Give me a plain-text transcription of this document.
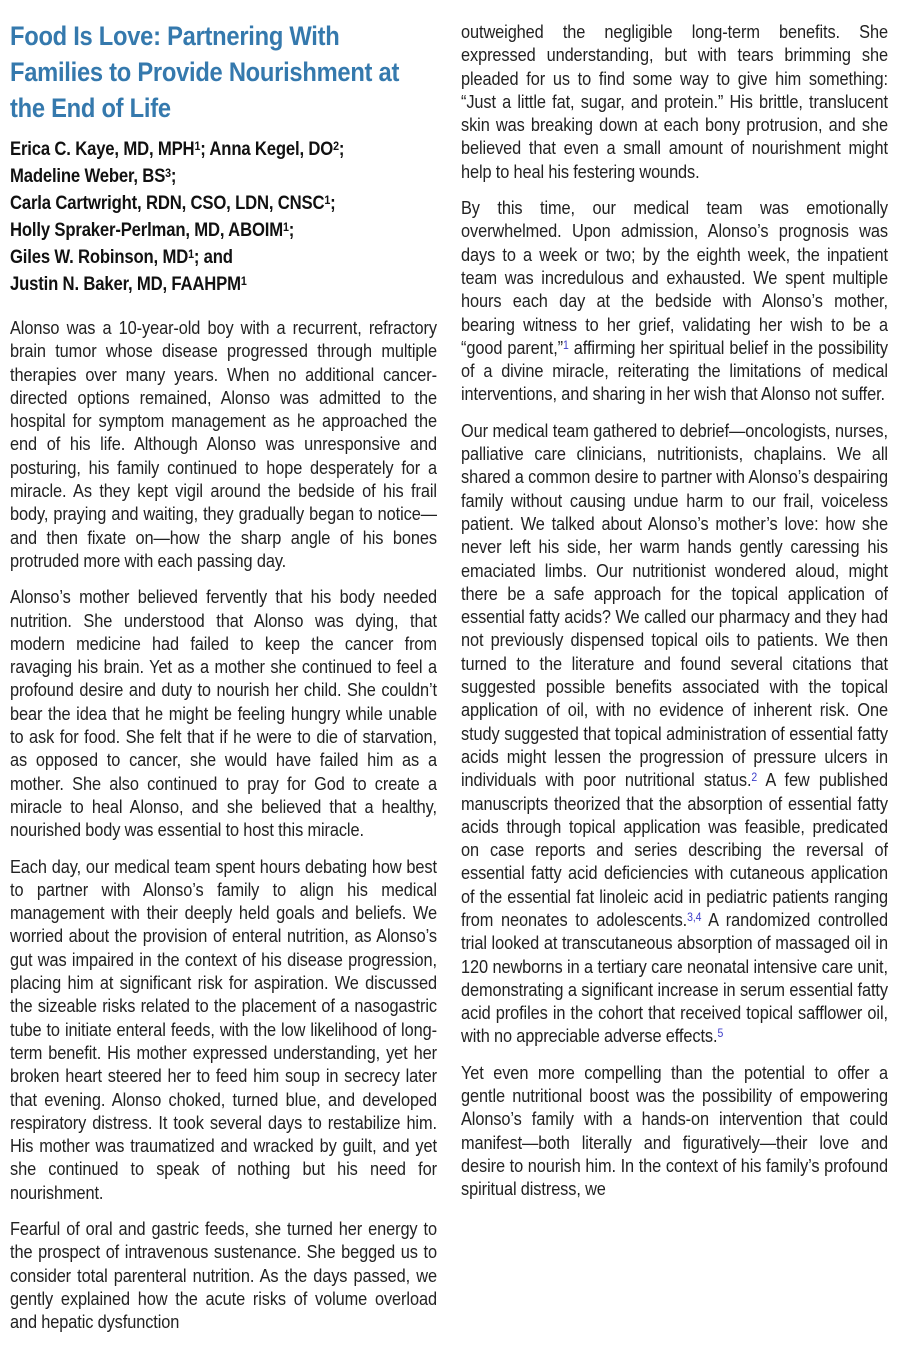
Food Is Love: Partnering With Families to Provide Nourishment at the End of Life
Erica C. Kaye, MD, MPH$^1$; Anna Kegel, DO$^2$;
Madeline Weber, BS$^3$;
Carla Cartwright, RDN, CSO, LDN, CNSC$^1$;
Holly Spraker-Perlman, MD, ABOIM$^1$;
Giles W. Robinson, MD$^1$; and
Justin N. Baker, MD, FAAHPM$^1$

Alonso was a 10-year-old boy with a recurrent, refractory brain tumor whose disease progressed through multiple therapies over many years. When no additional cancer-directed options remained, Alonso was admitted to the hospital for symptom management as he approached the end of his life. Although Alonso was unresponsive and posturing, his family continued to hope desperately for a miracle. As they kept vigil around the bedside of his frail body, praying and waiting, they gradually began to notice—and then fixate on—how the sharp angle of his bones protruded more with each passing day.

Alonso’s mother believed fervently that his body needed nutrition. She understood that Alonso was dying, that modern medicine had failed to keep the cancer from ravaging his brain. Yet as a mother she continued to feel a profound desire and duty to nourish her child. She couldn’t bear the idea that he might be feeling hungry while unable to ask for food. She felt that if he were to die of starvation, as opposed to cancer, she would have failed him as a mother. She also continued to pray for God to create a miracle to heal Alonso, and she believed that a healthy, nourished body was essential to host this miracle.

Each day, our medical team spent hours debating how best to partner with Alonso’s family to align his medical management with their deeply held goals and beliefs. We worried about the provision of enteral nutrition, as Alonso’s gut was impaired in the context of his disease progression, placing him at significant risk for aspiration. We discussed the sizeable risks related to the placement of a nasogastric tube to initiate enteral feeds, with the low likelihood of long-term benefit. His mother expressed understanding, yet her broken heart steered her to feed him soup in secrecy later that evening. Alonso choked, turned blue, and developed respiratory distress. It took several days to restabilize him. His mother was traumatized and wracked by guilt, and yet she continued to speak of nothing but his need for nourishment.

Fearful of oral and gastric feeds, she turned her energy to the prospect of intravenous sustenance. She begged us to consider total parenteral nutrition. As the days passed, we gently explained how the acute risks of volume overload and hepatic dysfunction

outweighed the negligible long-term benefits. She expressed understanding, but with tears brimming she pleaded for us to find some way to give him something: “Just a little fat, sugar, and protein.” His brittle, translucent skin was breaking down at each bony protrusion, and she believed that even a small amount of nourishment might help to heal his festering wounds.

By this time, our medical team was emotionally overwhelmed. Upon admission, Alonso’s prognosis was days to a week or two; by the eighth week, the inpatient team was incredulous and exhausted. We spent multiple hours each day at the bedside with Alonso’s mother, bearing witness to her grief, validating her wish to be a “good parent,”$^1$ affirming her spiritual belief in the possibility of a divine miracle, reiterating the limitations of medical interventions, and sharing in her wish that Alonso not suffer.

Our medical team gathered to debrief—oncologists, nurses, palliative care clinicians, nutritionists, chaplains. We all shared a common desire to partner with Alonso’s despairing family without causing undue harm to our frail, voiceless patient. We talked about Alonso’s mother’s love: how she never left his side, her warm hands gently caressing his emaciated limbs. Our nutritionist wondered aloud, might there be a safe approach for the topical application of essential fatty acids? We called our pharmacy and they had not previously dispensed topical oils to patients. We then turned to the literature and found several citations that suggested possible benefits associated with the topical application of oil, with no evidence of inherent risk. One study suggested that topical administration of essential fatty acids might lessen the progression of pressure ulcers in individuals with poor nutritional status.$^2$ A few published manuscripts theorized that the absorption of essential fatty acids through topical application was feasible, predicated on case reports and series describing the reversal of essential fatty acid deficiencies with cutaneous application of the essential fat linoleic acid in pediatric patients ranging from neonates to adolescents.$^{3,4}$ A randomized controlled trial looked at transcutaneous absorption of massaged oil in 120 newborns in a tertiary care neonatal intensive care unit, demonstrating a significant increase in serum essential fatty acid profiles in the cohort that received topical safflower oil, with no appreciable adverse effects.$^5$

Yet even more compelling than the potential to offer a gentle nutritional boost was the possibility of empowering Alonso’s family with a hands-on intervention that could manifest—both literally and figuratively—their love and desire to nourish him. In the context of his family’s profound spiritual distress, we
